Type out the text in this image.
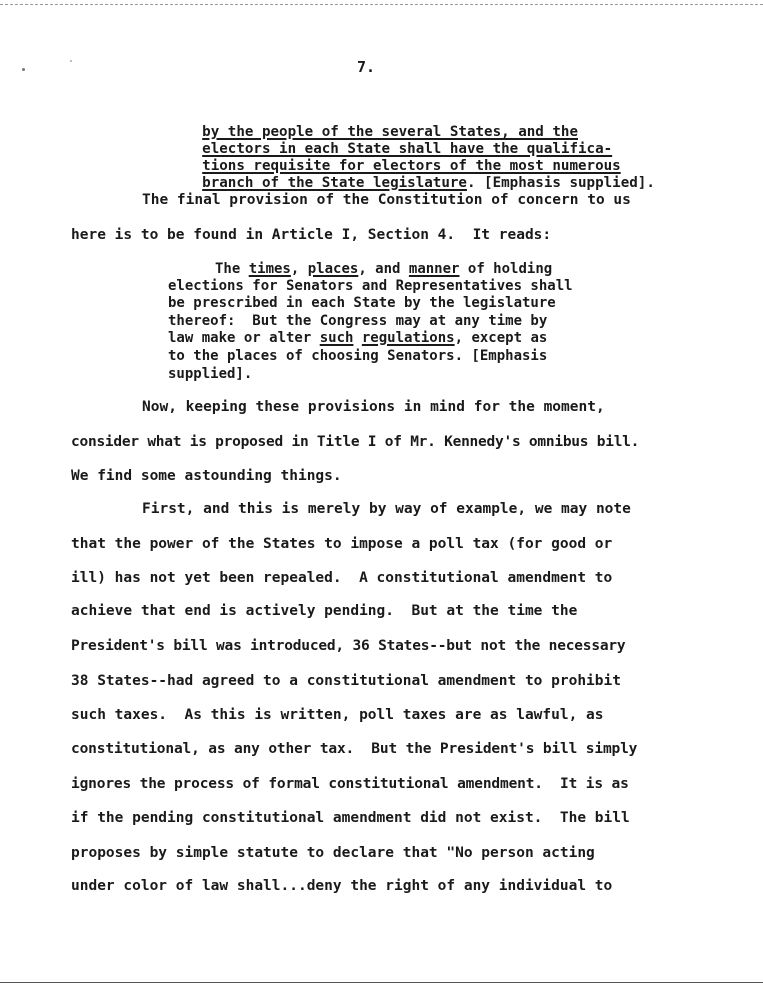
7.

by the people of the several States, and the

electors in each State shall have the qualifica-

tions requisite for electors of the most numerous

branch of the State legislature. [Emphasis supplied].

The final provision of the Constitution of concern to us
here is to be found in Article I, Section 4.  It reads:
The times, places, and manner of holding
elections for Senators and Representatives shall
be prescribed in each State by the legislature
thereof:  But the Congress may at any time by
law make or alter such regulations, except as
to the places of choosing Senators. [Emphasis
supplied].
Now, keeping these provisions in mind for the moment,
consider what is proposed in Title I of Mr. Kennedy's omnibus bill.
We find some astounding things.
First, and this is merely by way of example, we may note
that the power of the States to impose a poll tax (for good or
ill) has not yet been repealed.  A constitutional amendment to
achieve that end is actively pending.  But at the time the
President's bill was introduced, 36 States--but not the necessary
38 States--had agreed to a constitutional amendment to prohibit
such taxes.  As this is written, poll taxes are as lawful, as
constitutional, as any other tax.  But the President's bill simply
ignores the process of formal constitutional amendment.  It is as
if the pending constitutional amendment did not exist.  The bill
proposes by simple statute to declare that "No person acting
under color of law shall...deny the right of any individual to
